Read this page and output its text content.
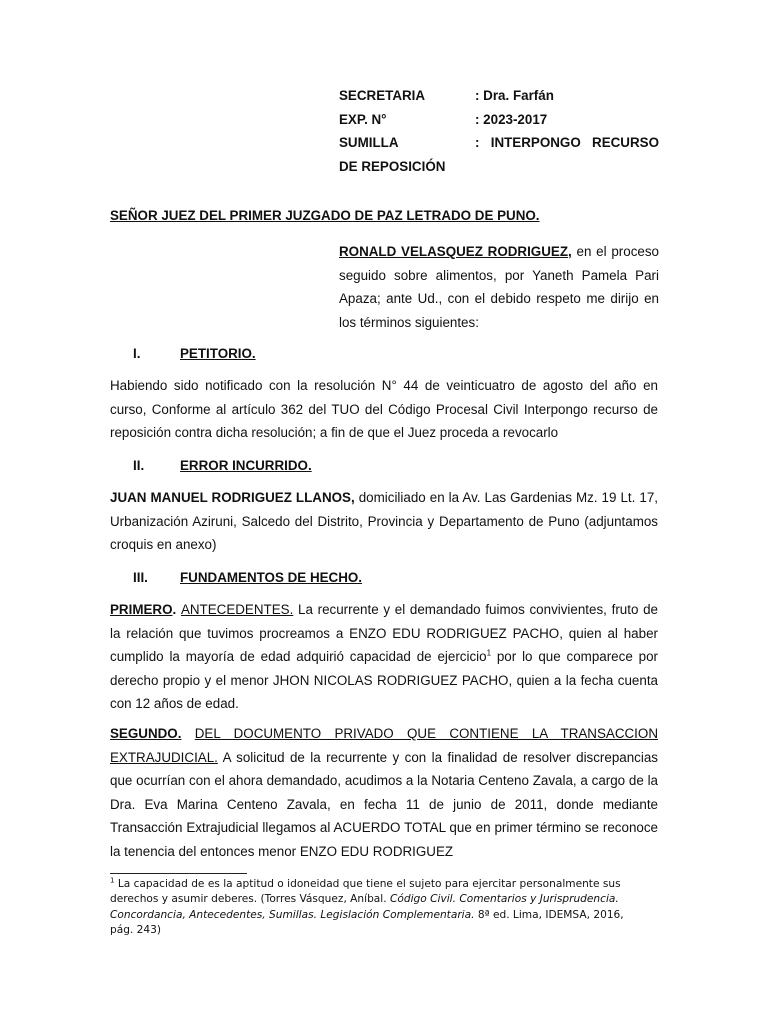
SECRETARIA	: Dra. Farfán
EXP. N°	: 2023-2017
SUMILLA	: INTERPONGO RECURSO
DE REPOSICIÓN
SEÑOR JUEZ DEL PRIMER JUZGADO DE PAZ LETRADO DE PUNO.
RONALD VELASQUEZ RODRIGUEZ, en el proceso seguido sobre alimentos, por Yaneth Pamela Pari Apaza; ante Ud., con el debido respeto me dirijo en los términos siguientes:
I.	PETITORIO.
Habiendo sido notificado con la resolución N° 44 de veinticuatro de agosto del año en curso, Conforme al artículo 362 del TUO del Código Procesal Civil Interpongo recurso de reposición contra dicha resolución; a fin de que el Juez proceda a revocarlo
II.	ERROR INCURRIDO.
JUAN MANUEL RODRIGUEZ LLANOS, domiciliado en la Av. Las Gardenias Mz. 19 Lt. 17, Urbanización Aziruni, Salcedo del Distrito, Provincia y Departamento de Puno (adjuntamos croquis en anexo)
III.	FUNDAMENTOS DE HECHO.
PRIMERO. ANTECEDENTES. La recurrente y el demandado fuimos convivientes, fruto de la relación que tuvimos procreamos a ENZO EDU RODRIGUEZ PACHO, quien al haber cumplido la mayoría de edad adquirió capacidad de ejercicio$^1$ por lo que comparece por derecho propio y el menor JHON NICOLAS RODRIGUEZ PACHO, quien a la fecha cuenta con 12 años de edad.
SEGUNDO. DEL DOCUMENTO PRIVADO QUE CONTIENE LA TRANSACCION EXTRAJUDICIAL. A solicitud de la recurrente y con la finalidad de resolver discrepancias que ocurrían con el ahora demandado, acudimos a la Notaria Centeno Zavala, a cargo de la Dra. Eva Marina Centeno Zavala, en fecha 11 de junio de 2011, donde mediante Transacción Extrajudicial llegamos al ACUERDO TOTAL que en primer término se reconoce la tenencia del entonces menor ENZO EDU RODRIGUEZ
$^1$ La capacidad de es la aptitud o idoneidad que tiene el sujeto para ejercitar personalmente sus derechos y asumir deberes. (Torres Vásquez, Aníbal. Código Civil. Comentarios y Jurisprudencia. Concordancia, Antecedentes, Sumillas. Legislación Complementaria. 8ª ed. Lima, IDEMSA, 2016, pág. 243)
